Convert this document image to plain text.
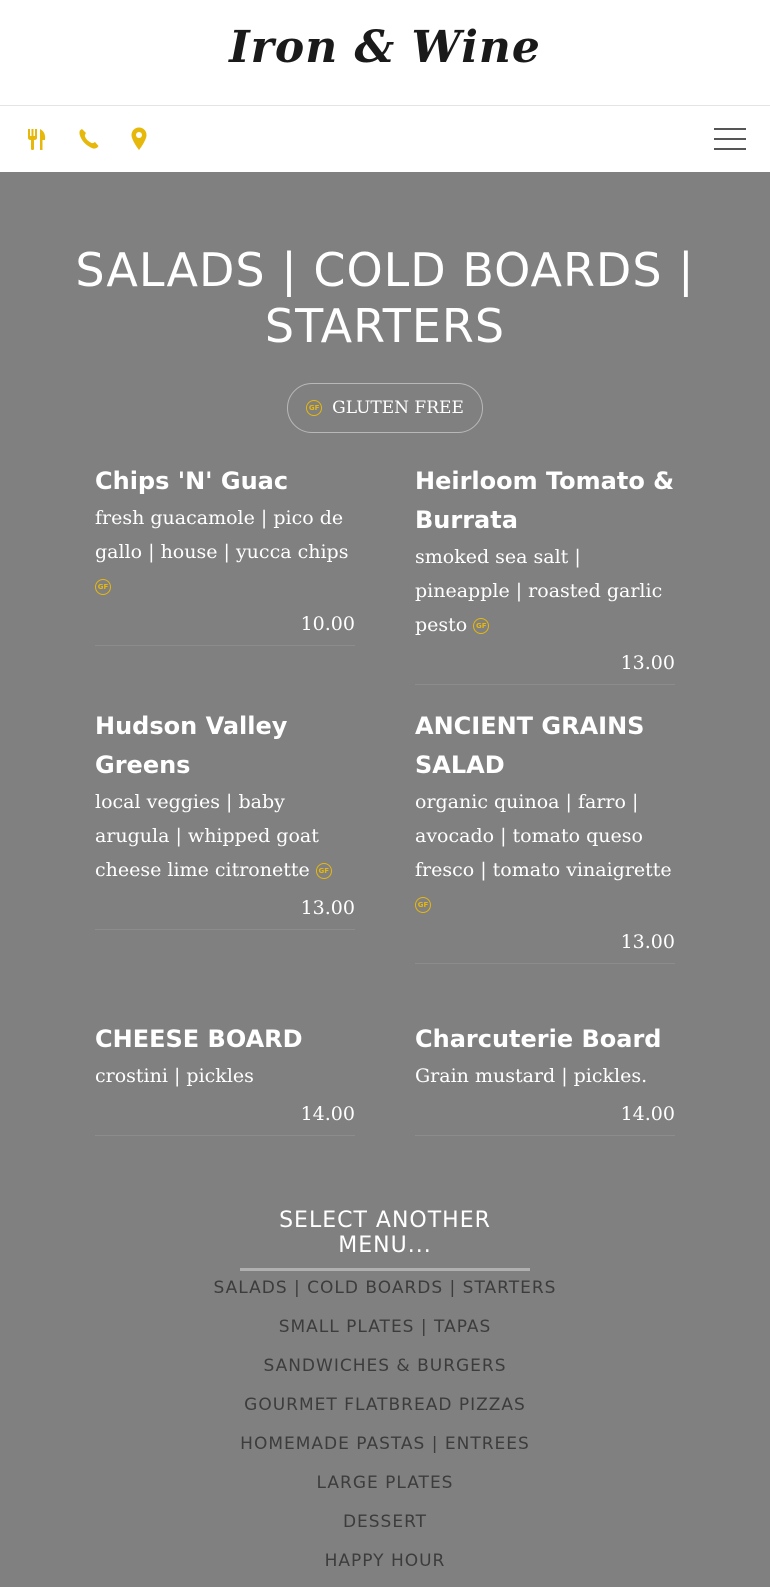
Iron & Wine
SALADS | COLD BOARDS | STARTERS
GF GLUTEN FREE
Chips 'N' Guac

fresh guacamole | pico de gallo | house | yucca chips GF

10.00
Heirloom Tomato & Burrata

smoked sea salt | pineapple | roasted garlic pesto GF

13.00
Hudson Valley Greens

local veggies | baby arugula | whipped goat cheese lime citronette GF

13.00
ANCIENT GRAINS SALAD

organic quinoa | farro | avocado | tomato queso fresco | tomato vinaigrette GF

13.00
CHEESE BOARD

crostini | pickles

14.00
Charcuterie Board

Grain mustard | pickles.

14.00
SELECT ANOTHER MENU...
SALADS | COLD BOARDS | STARTERS
SMALL PLATES | TAPAS
SANDWICHES & BURGERS
GOURMET FLATBREAD PIZZAS
HOMEMADE PASTAS | ENTREES
LARGE PLATES
DESSERT
HAPPY HOUR
